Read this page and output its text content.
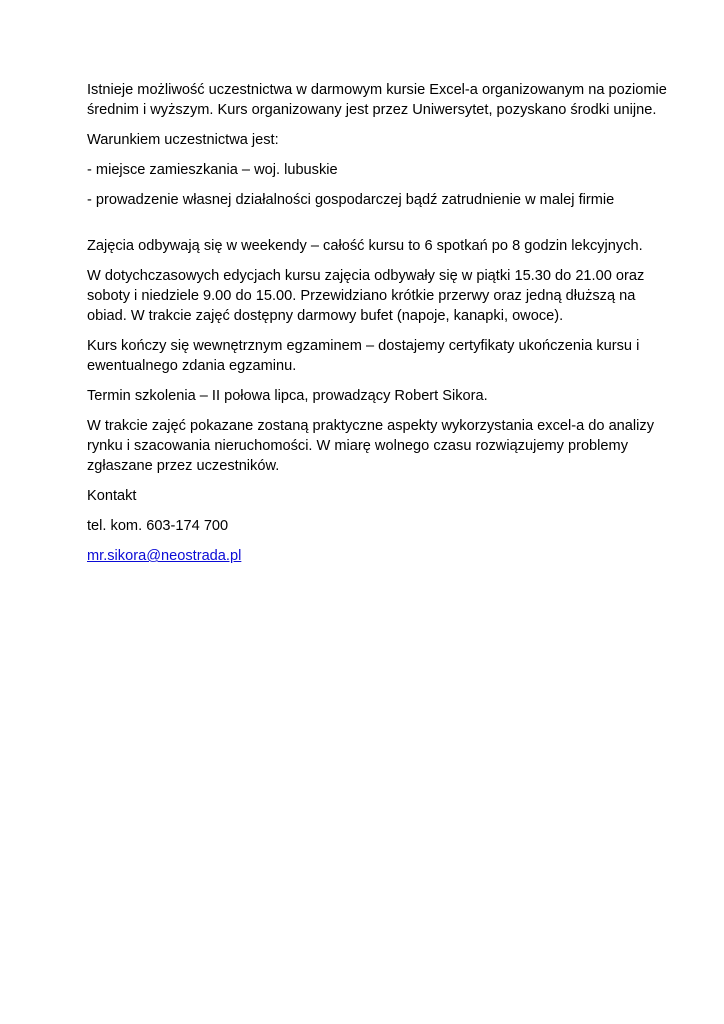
Istnieje możliwość uczestnictwa w darmowym kursie Excel-a organizowanym na poziomie średnim i wyższym. Kurs organizowany jest przez Uniwersytet, pozyskano środki unijne.

Warunkiem uczestnictwa jest:

- miejsce zamieszkania – woj. lubuskie

- prowadzenie własnej działalności gospodarczej bądź zatrudnienie w malej firmie

Zajęcia odbywają się w weekendy – całość kursu to 6 spotkań po 8 godzin lekcyjnych.

W dotychczasowych edycjach kursu zajęcia odbywały się w piątki 15.30 do 21.00 oraz soboty i niedziele 9.00 do 15.00. Przewidziano krótkie przerwy oraz jedną dłuższą na obiad. W trakcie zajęć dostępny darmowy bufet (napoje, kanapki, owoce).

Kurs kończy się wewnętrznym egzaminem – dostajemy certyfikaty ukończenia kursu i ewentualnego zdania egzaminu.

Termin szkolenia – II połowa lipca, prowadzący Robert Sikora.

W trakcie zajęć pokazane zostaną praktyczne aspekty wykorzystania excel-a do analizy rynku i szacowania nieruchomości. W miarę wolnego czasu rozwiązujemy problemy zgłaszane przez uczestników.

Kontakt

tel. kom. 603-174 700

mr.sikora@neostrada.pl
